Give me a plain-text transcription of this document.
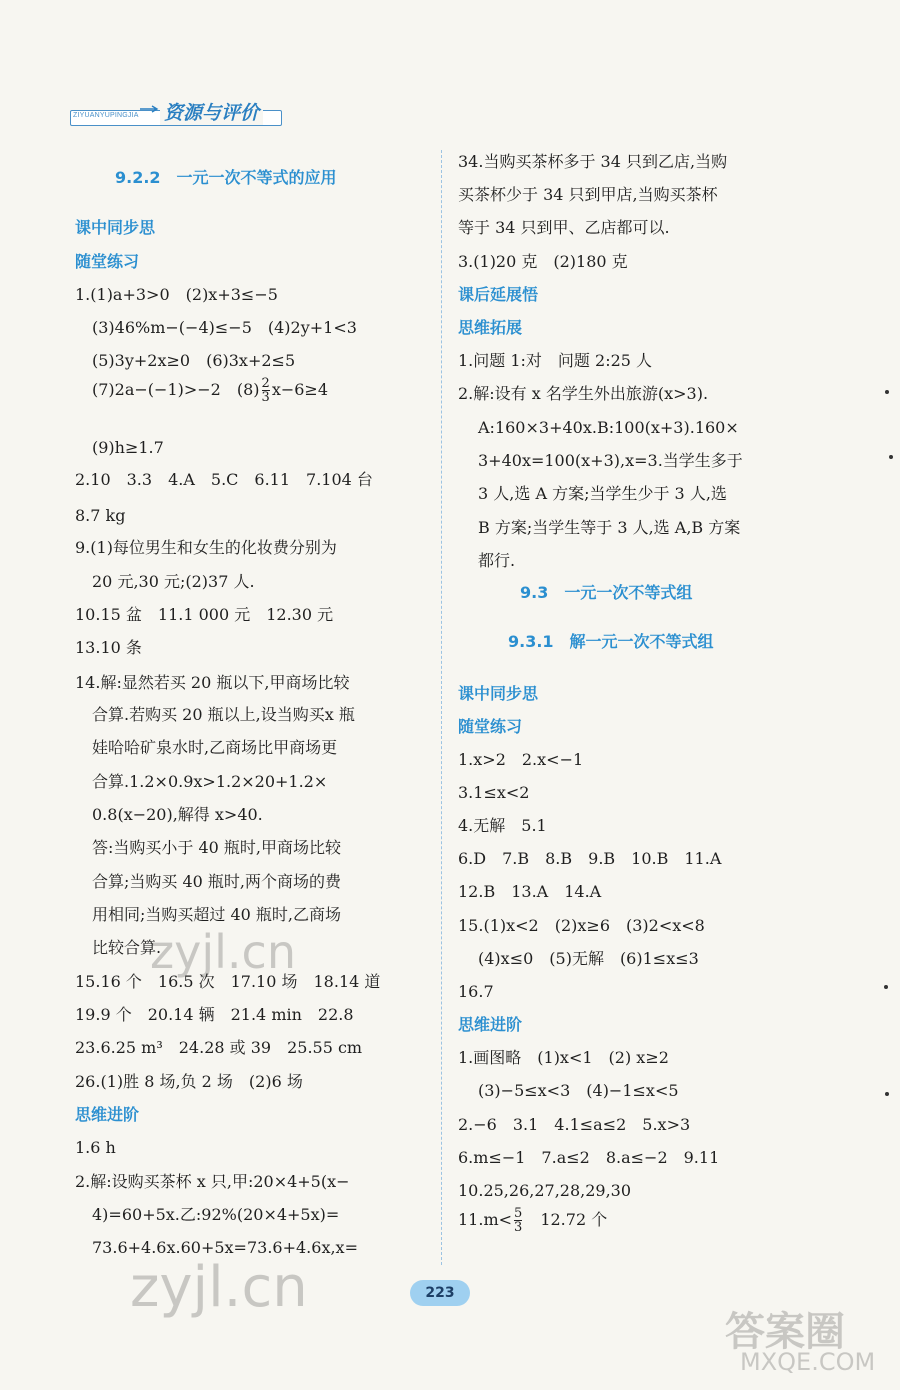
ZIYUANYUPINGJIA 资源与评价
9.2.2　一元一次不等式的应用
课中同步思
随堂练习
1.(1)a+3>0　(2)x+3≤−5
(3)46%m−(−4)≤−5　(4)2y+1<3
(5)3y+2x≥0　(6)3x+2≤5
(7)2a−(−1)>−2　$(8) \frac{2}{3} x-6\ge 4$
(9)h≥1.7
2.10　3.3　4.A　5.C　6.11　7.104 台
8.7 kg
9.(1)每位男生和女生的化妆费分别为
20 元,30 元;(2)37 人.
10.15 盆　11.1 000 元　12.30 元
13.10 条
14.解:显然若买 20 瓶以下,甲商场比较
合算.若购买 20 瓶以上,设当购买x 瓶
娃哈哈矿泉水时,乙商场比甲商场更
合算.1.2×0.9x>1.2×20+1.2×
0.8(x−20),解得 x>40.
答:当购买小于 40 瓶时,甲商场比较
合算;当购买 40 瓶时,两个商场的费
用相同;当购买超过 40 瓶时,乙商场
比较合算.
15.16 个　16.5 次　17.10 场　18.14 道
19.9 个　20.14 辆　21.4 min　22.8
23.6.25 m³　24.28 或 39　25.55 cm
26.(1)胜 8 场,负 2 场　(2)6 场
思维进阶
1.6 h
2.解:设购买茶杯 x 只,甲:20×4+5(x−
4)=60+5x.乙:92%(20×4+5x)=
73.6+4.6x.60+5x=73.6+4.6x,x=
34.当购买茶杯多于 34 只到乙店,当购
买茶杯少于 34 只到甲店,当购买茶杯
等于 34 只到甲、乙店都可以.
3.(1)20 克　(2)180 克
课后延展悟
思维拓展
1.问题 1:对　问题 2:25 人
2.解:设有 x 名学生外出旅游(x>3).
A:160×3+40x.B:100(x+3).160×
3+40x=100(x+3),x=3.当学生多于
3 人,选 A 方案;当学生少于 3 人,选
B 方案;当学生等于 3 人,选 A,B 方案
都行.
9.3　一元一次不等式组
9.3.1　解一元一次不等式组
课中同步思
随堂练习
1.x>2　2.x<−1
3.1≤x<2
4.无解　5.1
6.D　7.B　8.B　9.B　10.B　11.A
12.B　13.A　14.A
15.(1)x<2　(2)x≥6　(3)2<x<8
(4)x≤0　(5)无解　(6)1≤x≤3
16.7
思维进阶
1.画图略　(1)x<1　(2) x≥2
(3)−5≤x<3　(4)−1≤x<5
2.−6　3.1　4.1≤a≤2　5.x>3
6.m≤−1　7.a≤2　8.a≤−2　9.11
10.25,26,27,28,29,30
$11.m< \frac{5}{3}$ 　12.72 个
223
zyjl.cn
zyjl.cn
答案圈
MXQE.COM
